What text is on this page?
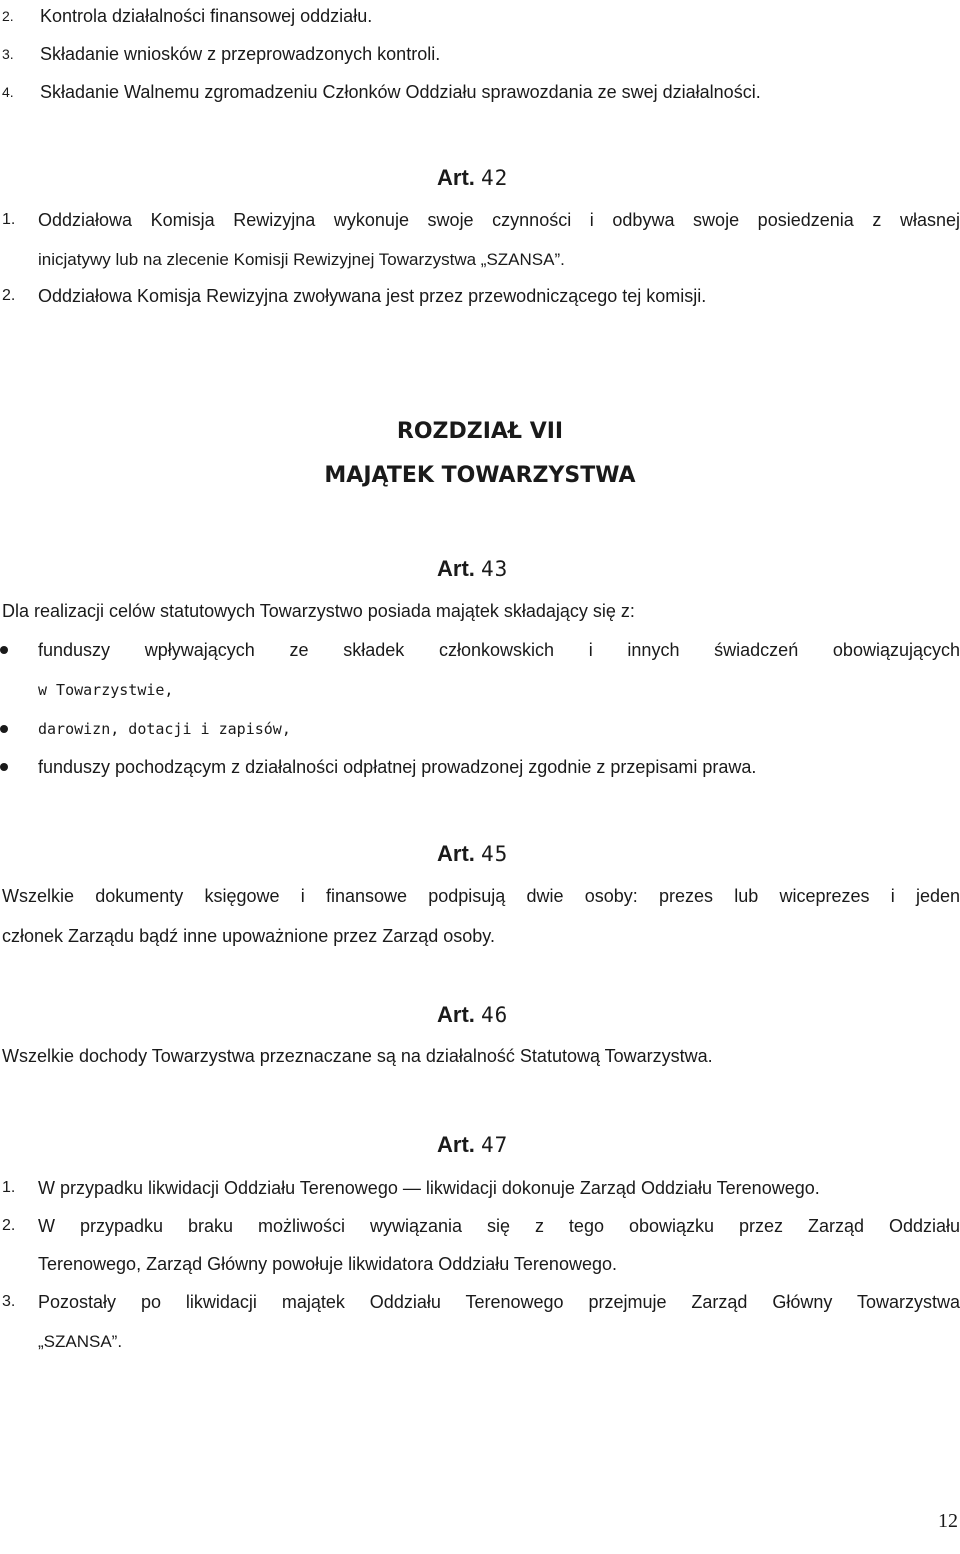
2. Kontrola działalności finansowej oddziału.
3. Składanie wniosków z przeprowadzonych kontroli.
4. Składanie Walnemu zgromadzeniu Członków Oddziału sprawozdania ze swej działalności.
Art. 42
1. Oddziałowa Komisja Rewizyjna wykonuje swoje czynności i odbywa swoje posiedzenia z własnej
inicjatywy lub na zlecenie Komisji Rewizyjnej Towarzystwa „SZANSA”.
2. Oddziałowa Komisja Rewizyjna zwoływana jest przez przewodniczącego tej komisji.
ROZDZIAŁ VII
MAJĄTEK TOWARZYSTWA
Art. 43
Dla realizacji celów statutowych Towarzystwo posiada majątek składający się z:
funduszy wpływających ze składek członkowskich i innych świadczeń obowiązujących
w Towarzystwie,
darowizn, dotacji i zapisów,
funduszy pochodzącym z działalności odpłatnej prowadzonej zgodnie z przepisami prawa.
Art. 45
Wszelkie dokumenty księgowe i finansowe podpisują dwie osoby: prezes lub wiceprezes i jeden
członek Zarządu bądź inne upoważnione przez Zarząd osoby.
Art. 46
Wszelkie dochody Towarzystwa przeznaczane są na działalność Statutową Towarzystwa.
Art. 47
1. W przypadku likwidacji Oddziału Terenowego — likwidacji dokonuje Zarząd Oddziału Terenowego.
2. W przypadku braku możliwości wywiązania się z tego obowiązku przez Zarząd Oddziału
Terenowego, Zarząd Główny powołuje likwidatora Oddziału Terenowego.
3. Pozostały po likwidacji majątek Oddziału Terenowego przejmuje Zarząd Główny Towarzystwa
„SZANSA”.
12
